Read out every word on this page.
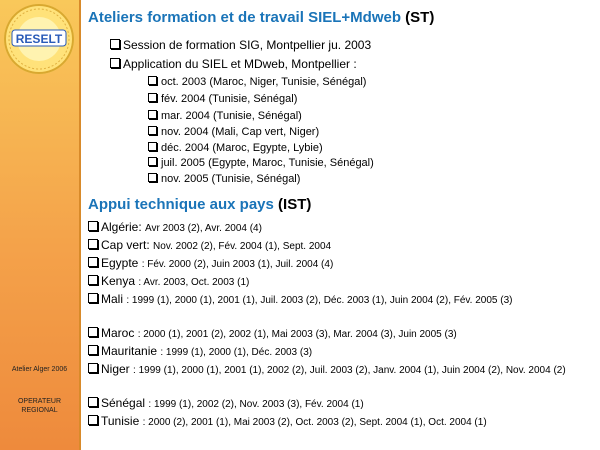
RESELT
Atelier Alger 2006
OPERATEUR
REGIONAL
Ateliers formation et de travail SIEL+Mdweb (ST)
Session de formation SIG, Montpellier ju. 2003
Application du SIEL et MDweb, Montpellier :
oct. 2003 (Maroc, Niger, Tunisie, Sénégal)
fév. 2004 (Tunisie, Sénégal)
mar. 2004 (Tunisie, Sénégal)
nov. 2004 (Mali, Cap vert, Niger)
déc. 2004 (Maroc, Egypte, Lybie)
juil. 2005 (Egypte, Maroc, Tunisie, Sénégal)
nov. 2005 (Tunisie, Sénégal)
Appui technique aux pays (IST)
Algérie: Avr 2003 (2), Avr. 2004 (4)
Cap vert: Nov. 2002 (2), Fév. 2004 (1), Sept. 2004
Egypte : Fév. 2000 (2), Juin 2003 (1), Juil. 2004 (4)
Kenya : Avr. 2003, Oct. 2003 (1)
Mali : 1999 (1), 2000 (1), 2001 (1), Juil. 2003 (2), Déc. 2003 (1), Juin 2004 (2), Fév. 2005 (3)
Maroc : 2000 (1), 2001 (2), 2002 (1), Mai 2003 (3), Mar. 2004 (3), Juin 2005 (3)
Mauritanie : 1999 (1), 2000 (1), Déc. 2003 (3)
Niger : 1999 (1), 2000 (1), 2001 (1), 2002 (2), Juil. 2003 (2), Janv. 2004 (1), Juin 2004 (2), Nov. 2004 (2)
Sénégal : 1999 (1), 2002 (2), Nov. 2003 (3), Fév. 2004 (1)
Tunisie : 2000 (2), 2001 (1), Mai 2003 (2), Oct. 2003 (2), Sept. 2004 (1), Oct. 2004 (1)
